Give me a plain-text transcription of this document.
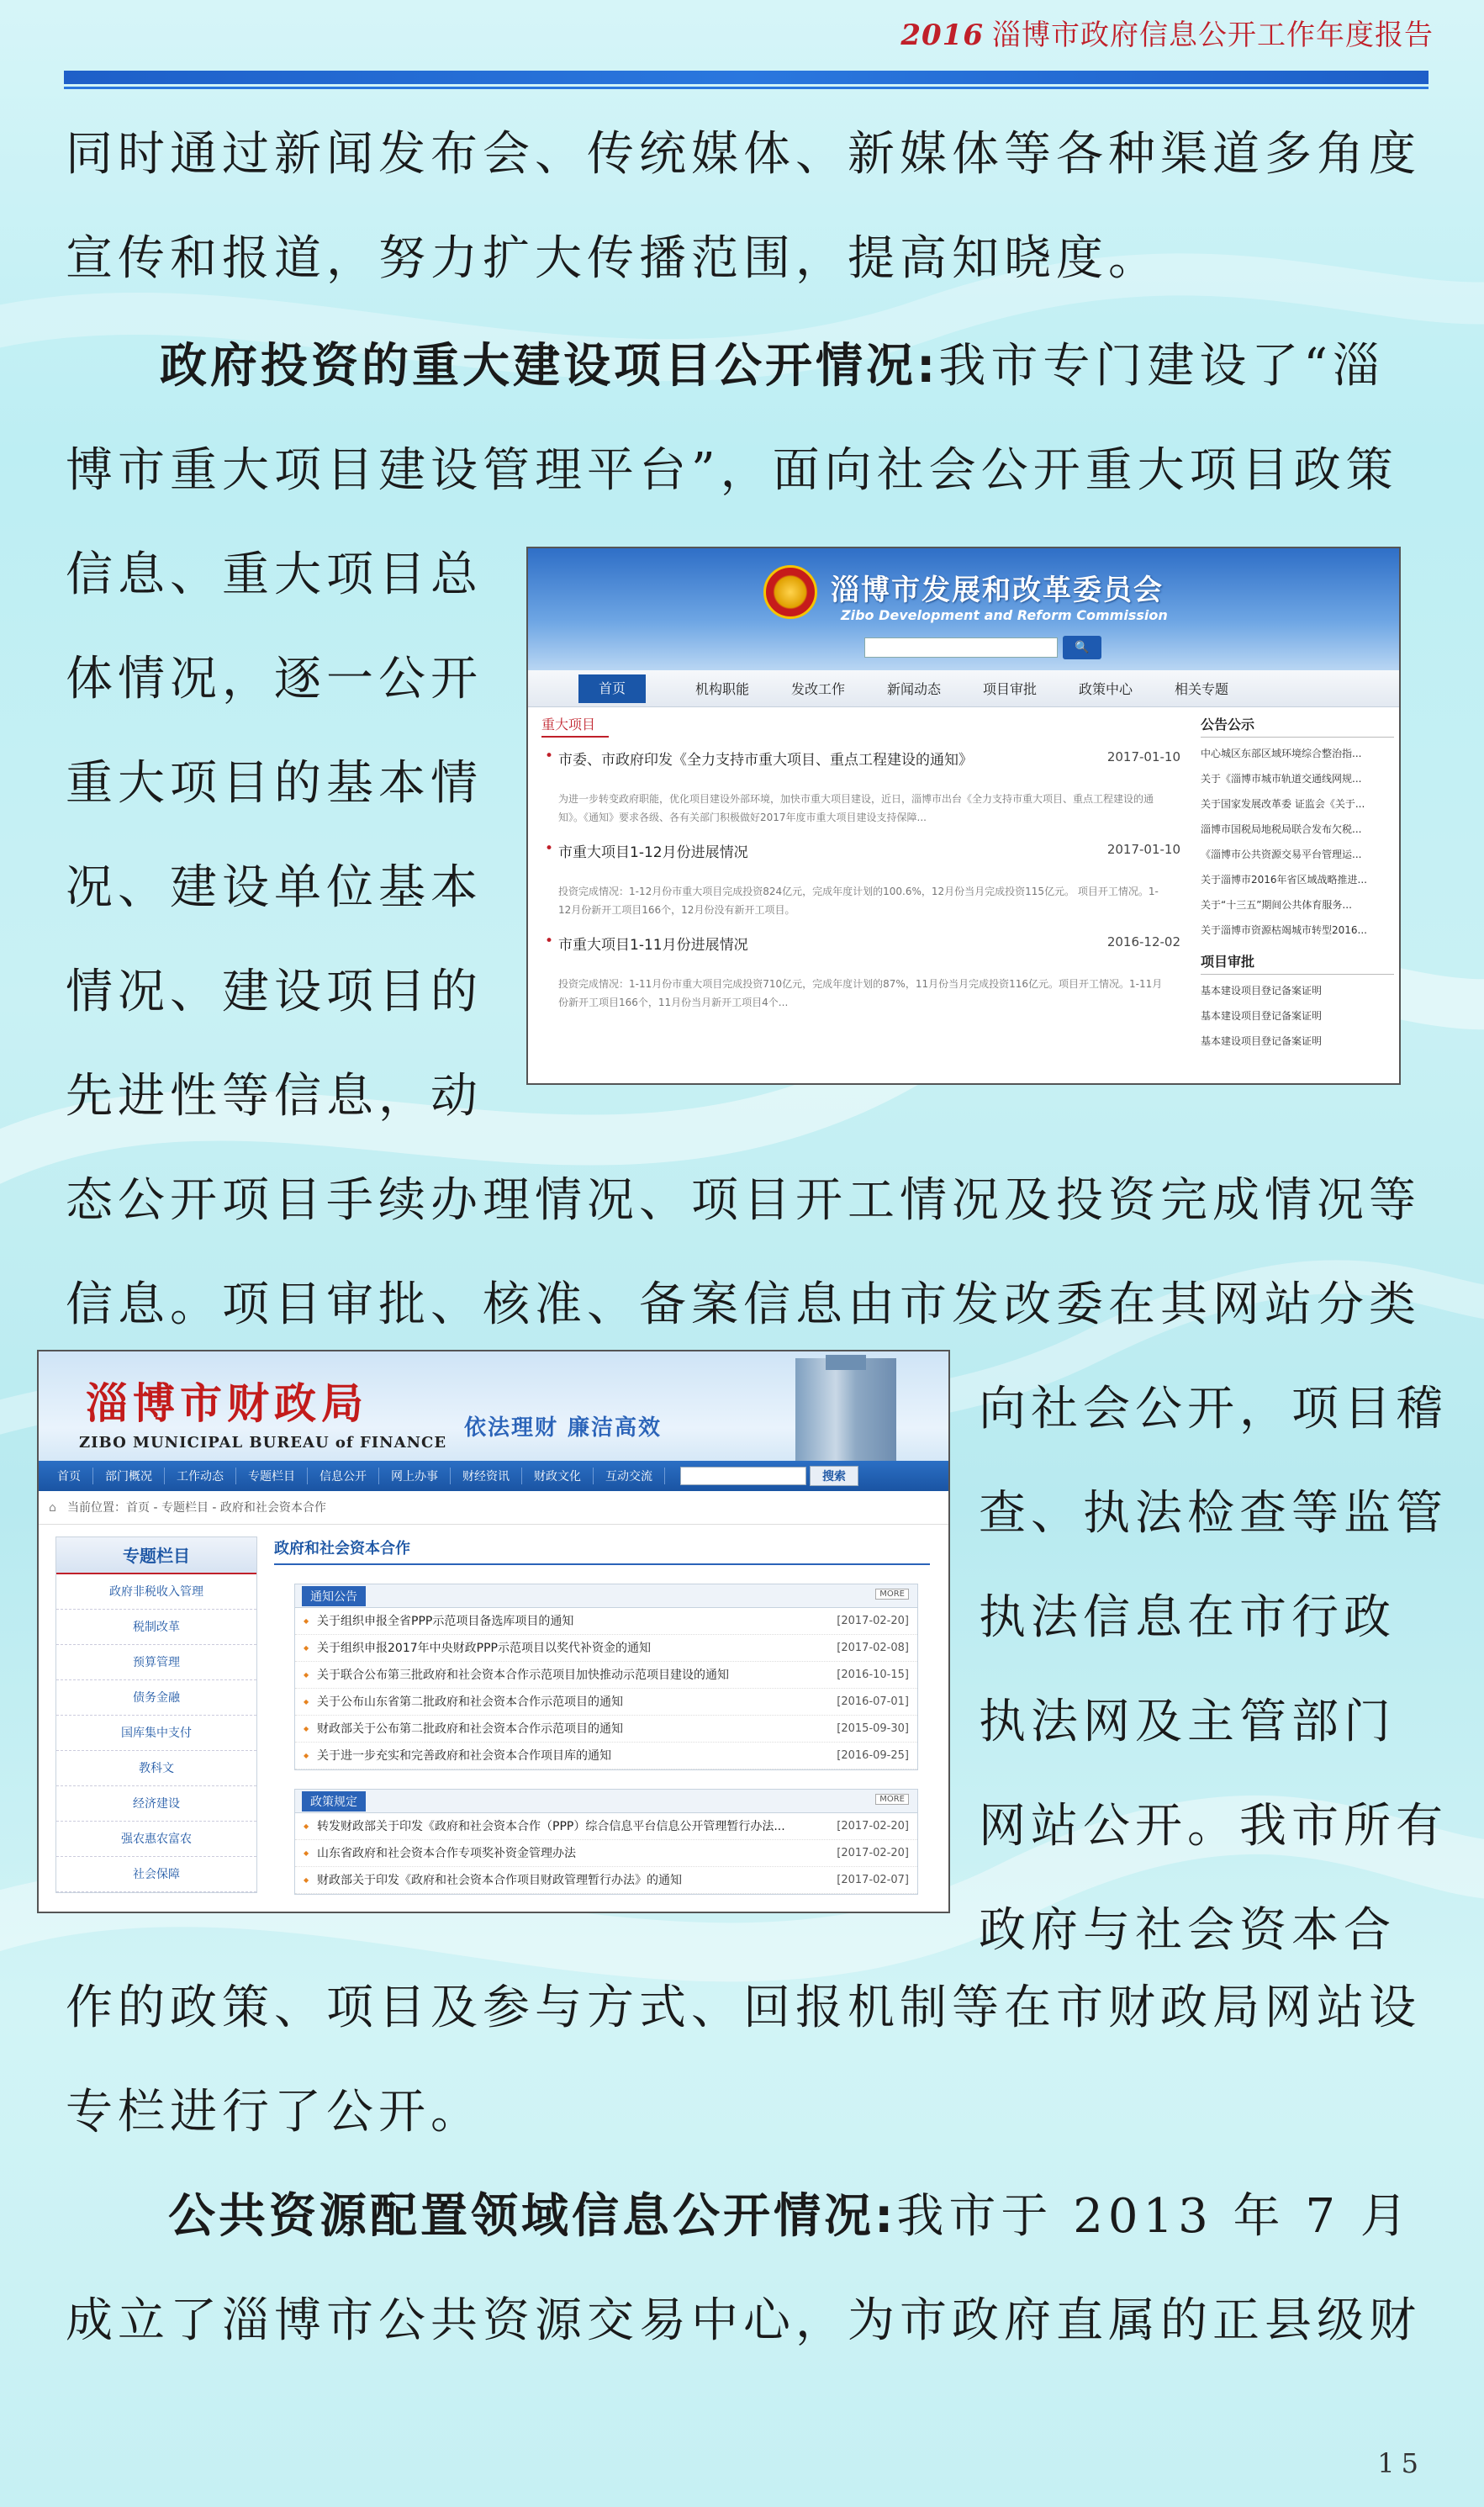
2016 淄博市政府信息公开工作年度报告
同时通过新闻发布会、传统媒体、新媒体等各种渠道多角度
宣传和报道，努力扩大传播范围，提高知晓度。
政府投资的重大建设项目公开情况:我市专门建设了“淄
博市重大项目建设管理平台”，面向社会公开重大项目政策
信息、重大项目总
体情况，逐一公开
重大项目的基本情
况、建设单位基本
情况、建设项目的
先进性等信息，动
态公开项目手续办理情况、项目开工情况及投资完成情况等
信息。项目审批、核准、备案信息由市发改委在其网站分类
向社会公开，项目稽
查、执法检查等监管
执法信息在市行政
执法网及主管部门
网站公开。我市所有
政府与社会资本合
作的政策、项目及参与方式、回报机制等在市财政局网站设
专栏进行了公开。
公共资源配置领域信息公开情况:我市于 2013 年 7 月
成立了淄博市公共资源交易中心，为市政府直属的正县级财
淄博市发展和改革委员会
Zibo Development and Reform Commission
🔍
首页	机构职能	发改工作	新闻动态	项目审批	政策中心	相关专题
重大项目
• 市委、市政府印发《全力支持市重大项目、重点工程建设的通知》	2017-01-10
为进一步转变政府职能，优化项目建设外部环境，加快市重大项目建设，近日，淄博市出台《全力支持市重大项目、重点工程建设的通知》。《通知》要求各级、各有关部门积极做好2017年度市重大项目建设支持保障...
• 市重大项目1-12月份进展情况	2017-01-10
投资完成情况：1-12月份市重大项目完成投资824亿元，完成年度计划的100.6%，12月份当月完成投资115亿元。 项目开工情况。1-12月份新开工项目166个，12月份没有新开工项目。
• 市重大项目1-11月份进展情况	2016-12-02
投资完成情况：1-11月份市重大项目完成投资710亿元，完成年度计划的87%，11月份当月完成投资116亿元。项目开工情况。1-11月份新开工项目166个，11月份当月新开工项目4个...
公告公示
中心城区东部区域环境综合整治指...
关于《淄博市城市轨道交通线网规...
关于国家发展改革委 证监会《关于...
淄博市国税局地税局联合发布欠税...
《淄博市公共资源交易平台管理运...
关于淄博市2016年省区域战略推进...
关于“十三五”期间公共体育服务...
关于淄博市资源枯竭城市转型2016...
项目审批
基本建设项目登记备案证明
基本建设项目登记备案证明
基本建设项目登记备案证明
淄博市财政局
ZIBO MUNICIPAL BUREAU of FINANCE
依法理财 廉洁高效
首页	部门概况	工作动态	专题栏目	信息公开	网上办事	财经资讯	财政文化	互动交流	搜索
⌂ 当前位置：首页 - 专题栏目 - 政府和社会资本合作
专题栏目
政府非税收入管理
税制改革
预算管理
债务金融
国库集中支付
教科文
经济建设
强农惠农富农
社会保障
政府和社会资本合作
通知公告	MORE
◆ 关于组织申报全省PPP示范项目备选库项目的通知	[2017-02-20]
◆ 关于组织申报2017年中央财政PPP示范项目以奖代补资金的通知	[2017-02-08]
◆ 关于联合公布第三批政府和社会资本合作示范项目加快推动示范项目建设的通知	[2016-10-15]
◆ 关于公布山东省第二批政府和社会资本合作示范项目的通知	[2016-07-01]
◆ 财政部关于公布第二批政府和社会资本合作示范项目的通知	[2015-09-30]
◆ 关于进一步充实和完善政府和社会资本合作项目库的通知	[2016-09-25]
政策规定	MORE
◆ 转发财政部关于印发《政府和社会资本合作（PPP）综合信息平台信息公开管理暂行办法...	[2017-02-20]
◆ 山东省政府和社会资本合作专项奖补资金管理办法	[2017-02-20]
◆ 财政部关于印发《政府和社会资本合作项目财政管理暂行办法》的通知	[2017-02-07]
15
